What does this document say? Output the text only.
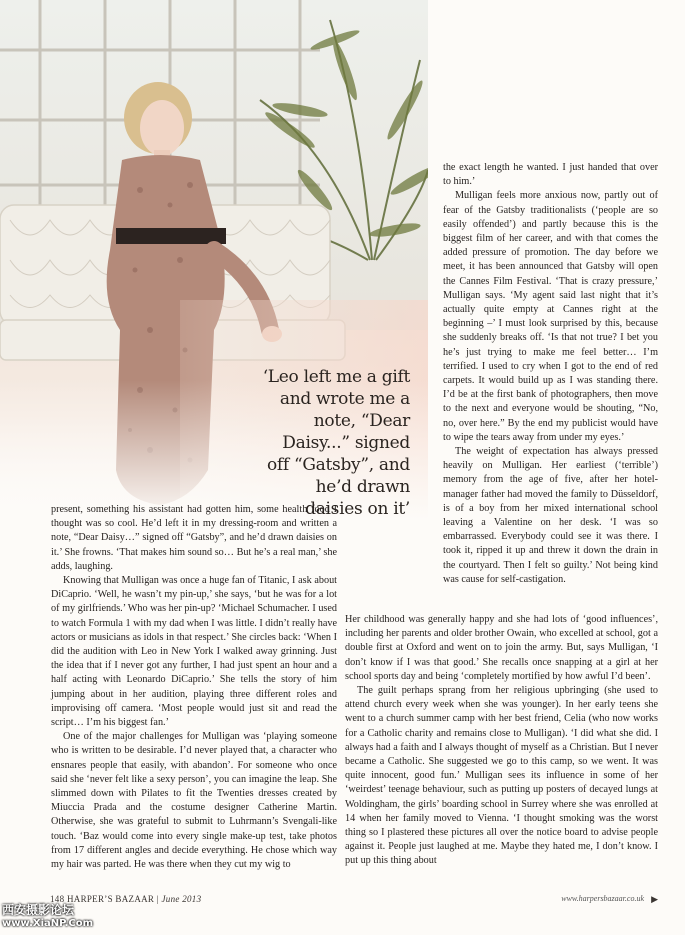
‘Leo left me a gift and wrote me a note, “Dear Daisy...” signed off “Gatsby”, and he’d drawn daisies on it’

the exact length he wanted. I just handed that over to him.’

Mulligan feels more anxious now, partly out of fear of the Gatsby traditionalists (‘people are so easily offended’) and partly because this is the biggest film of her career, and with that comes the added pressure of promotion. The day before we meet, it has been announced that Gatsby will open the Cannes Film Festival. ‘That is crazy pressure,’ Mulligan says. ‘My agent said last night that it’s actually quite empty at Cannes right at the beginning –’ I must look surprised by this, because she suddenly breaks off. ‘Is that not true? I bet you he’s just trying to make me feel better… I’m terrified. I used to cry when I got to the end of red carpets. It would build up as I was standing there. I’d be at the first bank of photographers, then move to the next and everyone would be shouting, “No, no, over here.” By the end my publicist would have to wipe the tears away from under my eyes.’

The weight of expectation has always pressed heavily on Mulligan. Her earliest (‘terrible’) memory from the age of five, after her hotel-manager father had moved the family to Düsseldorf, is of a boy from her mixed international school leaving a Valentine on her desk. ‘I was so embarrassed. Everybody could see it was there. I took it, ripped it up and threw it down the drain in the courtyard. Then I felt so guilty.’ Not being kind was cause for self-castigation.

present, something his assistant had gotten him, some health food I thought was so cool. He’d left it in my dressing-room and written a note, “Dear Daisy…” signed off “Gatsby”, and he’d drawn daisies on it.’ She frowns. ‘That makes him sound so… But he’s a real man,’ she adds, laughing.

Knowing that Mulligan was once a huge fan of Titanic, I ask about DiCaprio. ‘Well, he wasn’t my pin-up,’ she says, ‘but he was for a lot of my girlfriends.’ Who was her pin-up? ‘Michael Schumacher. I used to watch Formula 1 with my dad when I was little. I didn’t really have actors or musicians as idols in that respect.’ She circles back: ‘When I did the audition with Leo in New York I walked away grinning. Just the idea that if I never got any further, I had just spent an hour and a half acting with Leonardo DiCaprio.’ She tells the story of him jumping about in her audition, playing three different roles and improvising off camera. ‘Most people would just sit and read the script… I’m his biggest fan.’

One of the major challenges for Mulligan was ‘playing someone who is written to be desirable. I’d never played that, a character who ensnares people that easily, with abandon’. For someone who once said she ‘never felt like a sexy person’, you can imagine the leap. She slimmed down with Pilates to fit the Twenties dresses created by Miuccia Prada and the costume designer Catherine Martin. Otherwise, she was grateful to submit to Luhrmann’s Svengali-like touch. ‘Baz would come into every single make-up test, take photos from 17 different angles and decide everything. He chose which way my hair was parted. He was there when they cut my wig to

Her childhood was generally happy and she had lots of ‘good influences’, including her parents and older brother Owain, who excelled at school, got a double first at Oxford and went on to join the army. But, says Mulligan, ‘I don’t know if I was that good.’ She recalls once snapping at a girl at her school sports day and being ‘completely mortified by how awful I’d been’.

The guilt perhaps sprang from her religious upbringing (she used to attend church every week when she was younger). In her early teens she went to a church summer camp with her best friend, Celia (who now works for a Catholic charity and remains close to Mulligan). ‘I did what she did. I always had a faith and I always thought of myself as a Christian. But I never became a Catholic. She suggested we go to this camp, so we went. It was quite innocent, good fun.’ Mulligan sees its influence in some of her ‘weirdest’ teenage behaviour, such as putting up posters of decayed lungs at Woldingham, the girls’ boarding school in Surrey where she was enrolled at 14 when her family moved to Vienna. ‘I thought smoking was the worst thing so I plastered these pictures all over the notice board to advise people against it. People just laughed at me. Maybe they hated me, I don’t know. I put up this thing about

148 HARPER’S BAZAAR | June 2013	www.harpersbazaar.co.uk ▶
西安摄影论坛
www.XiaNP.Com
